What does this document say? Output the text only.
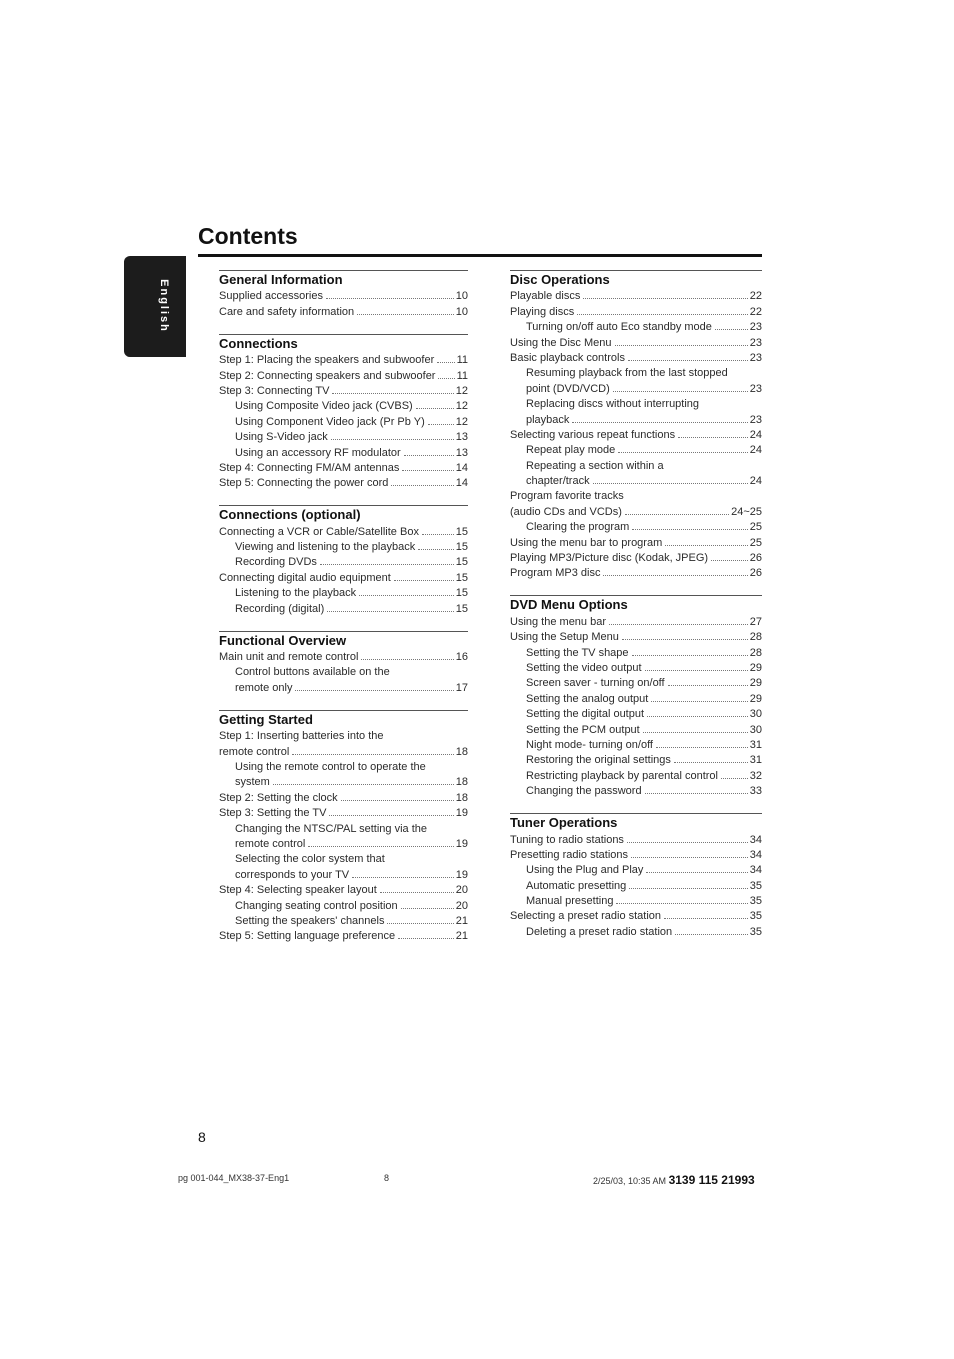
English
Contents
General Information
Supplied accessories	10
Care and safety information	10
Connections
Step 1: Placing the speakers and subwoofer 11
Step 2: Connecting speakers and subwoofer 11
Step 3: Connecting TV	12
Using Composite Video jack (CVBS)	12
Using Component Video jack (Pr Pb Y)	12
Using S-Video jack	13
Using an accessory RF modulator	13
Step 4: Connecting FM/AM antennas	14
Step 5: Connecting the power cord	14
Connections (optional)
Connecting a VCR or Cable/Satellite Box	15
Viewing and listening to the playback	15
Recording DVDs	15
Connecting digital audio equipment	15
Listening to the playback	15
Recording (digital)	15
Functional Overview
Main unit and remote control	16
Control buttons available on the
remote only	17
Getting Started
Step 1: Inserting batteries into the
remote control	18
Using the remote control to operate the
system	18
Step 2: Setting the clock	18
Step 3: Setting the TV	19
Changing the NTSC/PAL setting via the
remote control	19
Selecting the color system that
corresponds to your TV	19
Step 4: Selecting speaker layout	20
Changing seating control position	20
Setting the speakers' channels	21
Step 5: Setting language preference	21
Disc Operations
Playable discs	22
Playing discs	22
Turning on/off auto Eco standby mode	23
Using the Disc Menu	23
Basic playback controls	23
Resuming playback from the last stopped
point (DVD/VCD)	23
Replacing discs without interrupting
playback	23
Selecting various repeat functions	24
Repeat play mode	24
Repeating a section within a
chapter/track	24
Program favorite tracks
(audio CDs and VCDs)	24~25
Clearing the program	25
Using the menu bar to program	25
Playing MP3/Picture disc (Kodak, JPEG)	26
Program MP3 disc	26
DVD Menu Options
Using the menu bar	27
Using the Setup Menu	28
Setting the TV shape	28
Setting the video output	29
Screen saver - turning on/off	29
Setting the analog output	29
Setting the digital output	30
Setting the PCM output	30
Night mode- turning on/off	31
Restoring the original settings	31
Restricting playback by parental control	32
Changing the password	33
Tuner Operations
Tuning to radio stations	34
Presetting radio stations	34
Using the Plug and Play	34
Automatic presetting	35
Manual presetting	35
Selecting a preset radio station	35
Deleting a preset radio station	35
8
pg 001-044_MX38-37-Eng1	8	2/25/03, 10:35 AM 3139 115 21993
